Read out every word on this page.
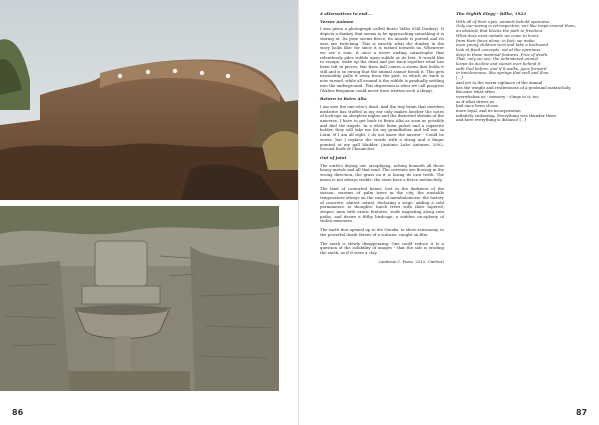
86

4 alternatives to end...

Verses Animae

I was given a photograph called Burro Velho (Old Donkey). It depicts a donkey that seems to be approaching something it is staring at. Its pose seems fierce, its muzzle is pursed and its ears are twitching. This is exactly what the donkey in the story looks like: for since it is turned towards us. Whenever we see a ruin, it once a never ending catastrophe that relentlessly piles rubble upon rubble at its feet. It would like to escape, wake up the dead and put back together what has been left in pieces. But from hell comes a storm that holds it still and is so strong that the animal cannot brook it. This gets irresistibly pulls it away from the past, to which its back is now turned, while all around it the rubble is gradually settling into the underground. This dispersion is what we call progress (Walter Benjamin could never have written such a thing).

Return to Beira Alta

I am now the one who's dead. And the tiny brain that murders medicine has stuffed in my ear only makes lonelier the notes of lock-ups on sleepless nights and the distorted shrieks of the universe. I have to get back to Beira Alta as soon as possible and find the angels. In a white linen jacket and a cigarette holder, they will take me for my grandfather and tell me, in Latin, if I am all right. I do not know the answer - Could be worse, but I replace the words with a shrug and a finger pointed at my gall bladder. (António Lobo Antunes, 2002, Second Book of Chronicles)

Out of joint

The earth's drying out, atrophying, aching beneath all those heavy metals and all that mud. The currents are flowing in the wrong direction, the grass on it is losing its own teeth. The moon is not always visible: the stars have a fierce melancholy.

The land of contorted bones, lost in the darkness of the season: swarms of palm trees in the city, the unstable temperature always on the cusp of metabolomosis: the history of concrete, almost carnal, declaring a siege, adding a cold permanence to thoughts: hatch trees with their tapered; stripes; men with exotic features, souls migrating along ruin paths, and desire a filthy birdcage, a sudden cacophony of stolen measures.

The earth that opened up to the Greeks, to show astronomy, to the powerful death throes of a volcano, caught on film.

The earth is slowly disappearing. One could reduce it to a question of the solubility of images - that the salt is eroding the earth, as if it were a clay.

(Andreia C. Faria, 2012, Cinétor)

The Eighth Elegy - Rilke, 1923

With all of their eyes, animals behold openness.
Only our seeing is retrospective; our like traps around them,
an obstacle that blocks the path to freedom.
What does exist outside we come to know
from their faces alone; in fact, we make
even young children turn and take a backward
look at fixed concepts, not at the openness
deep in these mammal features. Free of death.
That, only we see; the unhindered animal
keeps its decline and sunset ever behind it
with God before, and if it walks, goes forward
in timelessness, like springs that well and flow.
[...]
And yet in the warm vigilance of the animal
lies the weight and restlessness of a profound melancholy.
Because what often
overwhelms us - memory - clings to it, too
as if what drives us
had once been closer,
more loyal, and its incorporation
infinitely endearing. Everything was thunder there
and here everything is distance [...]
87
